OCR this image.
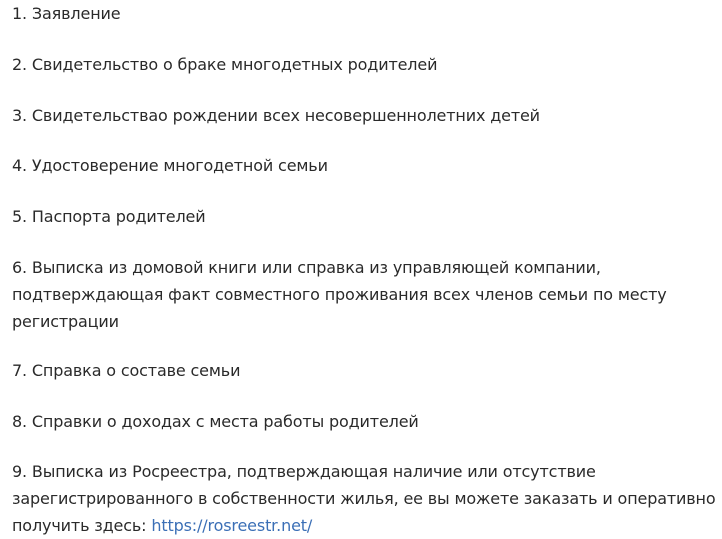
1. Заявление
2. Свидетельство о браке многодетных родителей
3. Свидетельствао рождении всех несовершеннолетних детей
4. Удостоверение многодетной семьи
5. Паспорта родителей
6. Выписка из домовой книги или справка из управляющей компании,
подтверждающая факт совместного проживания всех членов семьи по месту
регистрации
7. Справка о составе семьи
8. Справки о доходах с места работы родителей
9. Выписка из Росреестра, подтверждающая наличие или отсутствие
зарегистрированного в собственности жилья, ее вы можете заказать и оперативно
получить здесь: https://rosreestr.net/
